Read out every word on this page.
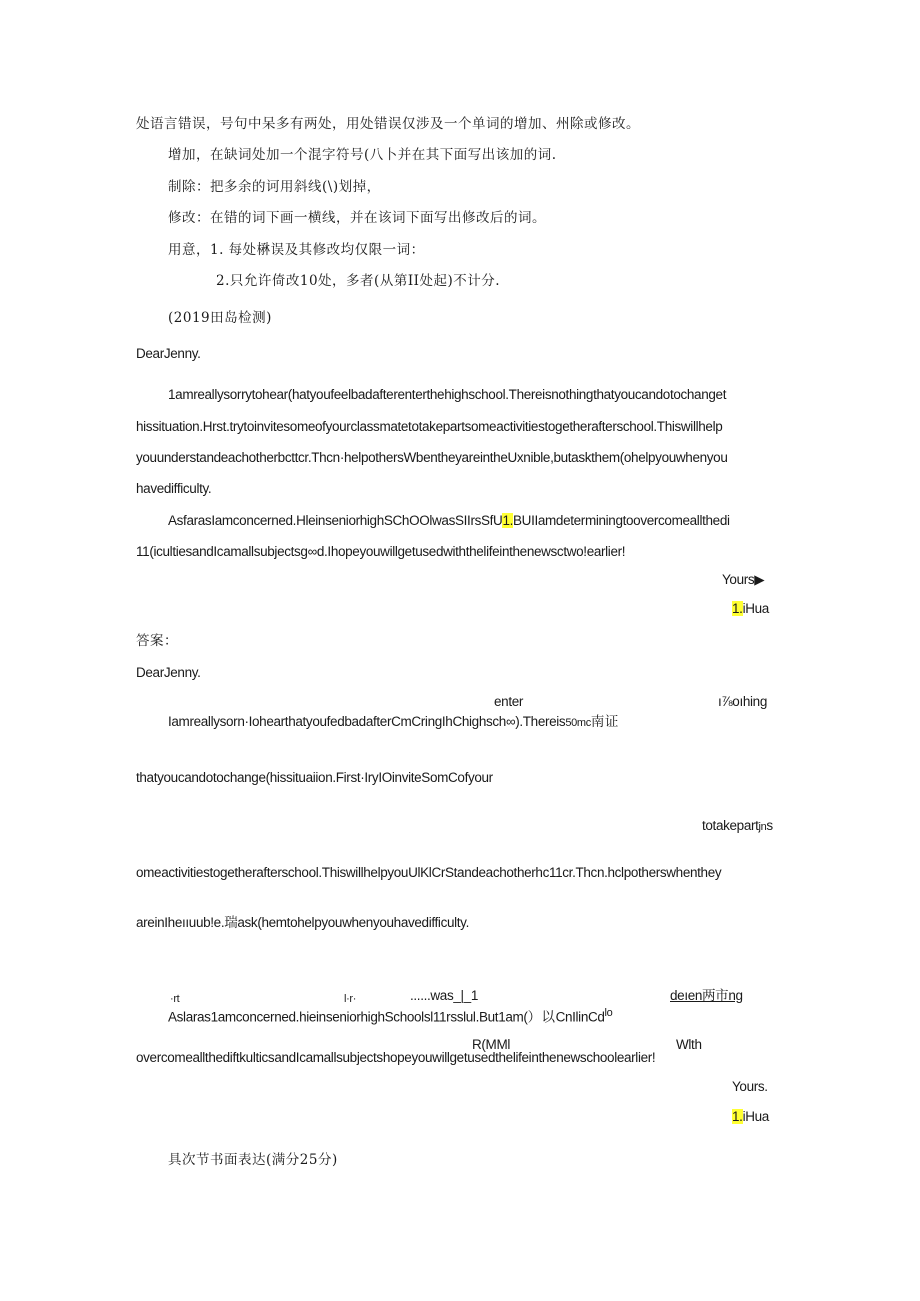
处语言错误，号句中呆多有两处，用处错误仅涉及一个单词的增加、州除或修改。
增加，在缺词处加一个混字符号(八卜并在其下面写出该加的词.
制除：把多余的诃用斜线(\)划掉，
修改：在错的词下画一横线，并在该词下面写出修改后的词。
用意，1. 每处楙误及其修改均仅限一词：
2.只允许倚改10处，多者(从第II处起)不计分.
(2019田岛检测)
DearJenny.
1amreallysorrytohear(hatyoufeelbadafterenterthehighschool.Thereisnothingthatyoucandotochanget
hissituation.Hrst.trytoinvitesomeofyourclassmatetotakepartsomeactivitiestogetherafterschool.Thiswillhelp
youunderstandeachotherbcttcr.Thcn·helpothersWbentheyareintheUxnible,butaskthem(ohelpyouwhenyou
havedifficulty.
AsfarasIamconcerned.HleinseniorhighSChOOlwasSIIrsSfU1.BUIIamdeterminingtoovercomeallthedi
11(icultiesandIcamallsubjectsg∞d.Ihopeyouwillgetusedwiththelifeinthenewsctwo!earlier!
Yours▶
1.iHua
答案：
DearJenny.
enter	ı⅞oıhing
Iamreallysorn·IohearthatyoufedbadafterCmCringIhChighsch∞).Thereis50mc南证
thatyoucandotochange(hissituaiion.First·IryIOinviteSomCofyour
totakepartjns
omeactivitiestogetherafterschool.ThiswillhelpyouUlKlCrStandeachotherhc11cr.Thcn.hclpotherswhenthey
areinIheııuub!e.瑞ask(hemtohelpyouwhenyouhavedifficulty.
·rt	l·r·	......was_|_1	deıen两市ng
Aslaras1amconcerned.hieinseniorhighSchoolsl11rsslul.But1am(）以CnIlinCd$^{lo}$
R(MMl	Wlth
overcomeallthediftkulticsandIcamallsubjectshopeyouwillgetusedthelifeinthenewschoolearlier!
Yours.
1.iHua
具次节书面表达(满分25分)
